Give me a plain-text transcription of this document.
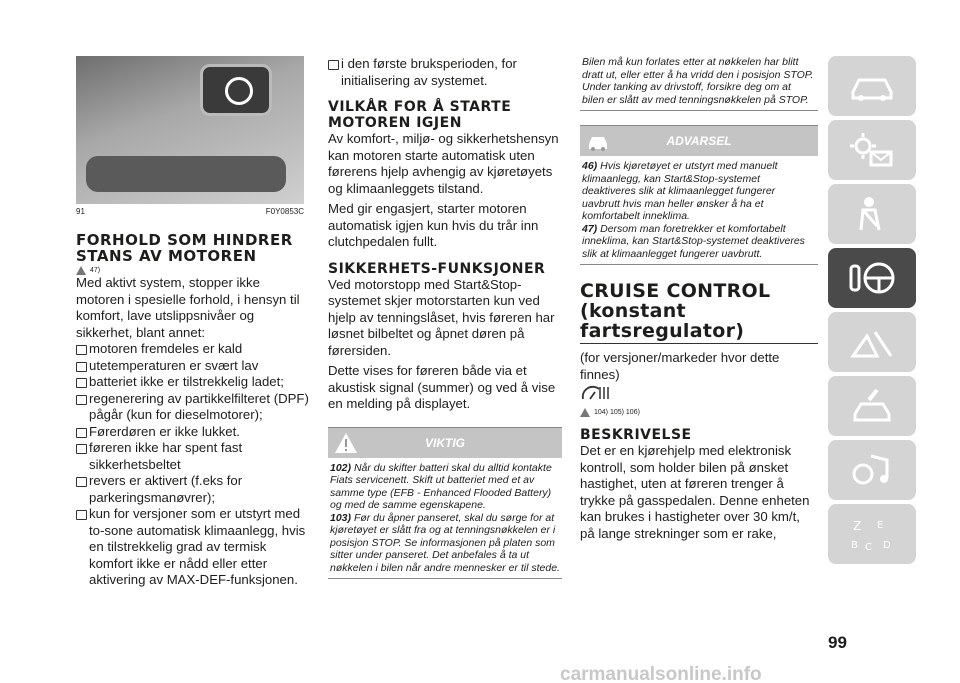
91	F0Y0853C
FORHOLD SOM HINDRER STANS AV MOTOREN
47)

Med aktivt system, stopper ikke motoren i spesielle forhold, i hensyn til komfort, lave utslippsnivåer og sikkerhet, blant annet:

motoren fremdeles er kald
utetemperaturen er svært lav
batteriet ikke er tilstrekkelig ladet;
regenerering av partikkelfilteret (DPF) pågår (kun for dieselmotorer);
Førerdøren er ikke lukket.
føreren ikke har spent fast sikkerhetsbeltet
revers er aktivert (f.eks for parkeringsmanøvrer);
kun for versjoner som er utstyrt med to-sone automatisk klimaanlegg, hvis en tilstrekkelig grad av termisk komfort ikke er nådd eller etter aktivering av MAX-DEF-funksjonen.
i den første bruksperioden, for initialisering av systemet.
VILKÅR FOR Å STARTE MOTOREN IGJEN

Av komfort-, miljø- og sikkerhetshensyn kan motoren starte automatisk uten førerens hjelp avhengig av kjøretøyets og klimaanleggets tilstand.

Med gir engasjert, starter motoren automatisk igjen kun hvis du trår inn clutchpedalen fullt.

SIKKERHETS-FUNKSJONER

Ved motorstopp med Start&Stop-systemet skjer motorstarten kun ved hjelp av tenningslåset, hvis føreren har løsnet bilbeltet og åpnet døren på førersiden.

Dette vises for føreren både via et akustisk signal (summer) og ved å vise en melding på displayet.

VIKTIG
102) Når du skifter batteri skal du alltid kontakte Fiats servicenett. Skift ut batteriet med et av samme type (EFB - Enhanced Flooded Battery) og med de samme egenskapene.
103) Før du åpner panseret, skal du sørge for at kjøretøyet er slått fra og at tenningsnøkkelen er i posisjon STOP. Se informasjonen på platen som sitter under panseret. Det anbefales å ta ut nøkkelen i bilen når andre mennesker er til stede.
Bilen må kun forlates etter at nøkkelen har blitt dratt ut, eller etter å ha vridd den i posisjon STOP. Under tanking av drivstoff, forsikre deg om at bilen er slått av med tenningsnøkkelen på STOP.
ADVARSEL
46) Hvis kjøretøyet er utstyrt med manuelt klimaanlegg, kan Start&Stop-systemet deaktiveres slik at klimaanlegget fungerer uavbrutt hvis man heller ønsker å ha et komfortabelt inneklima.
47) Dersom man foretrekker et komfortabelt inneklima, kan Start&Stop-systemet deaktiveres slik at klimaanlegget fungerer uavbrutt.
CRUISE CONTROL (konstant fartsregulator)

(for versjoner/markeder hvor dette finnes)

104) 105) 106)
BESKRIVELSE

Det er en kjørehjelp med elektronisk kontroll, som holder bilen på ønsket hastighet, uten at føreren trenger å trykke på gasspedalen. Denne enheten kan brukes i hastigheter over 30 km/t, på lange strekninger som er rake,	Z E
B C D
99
carmanualsonline.info
